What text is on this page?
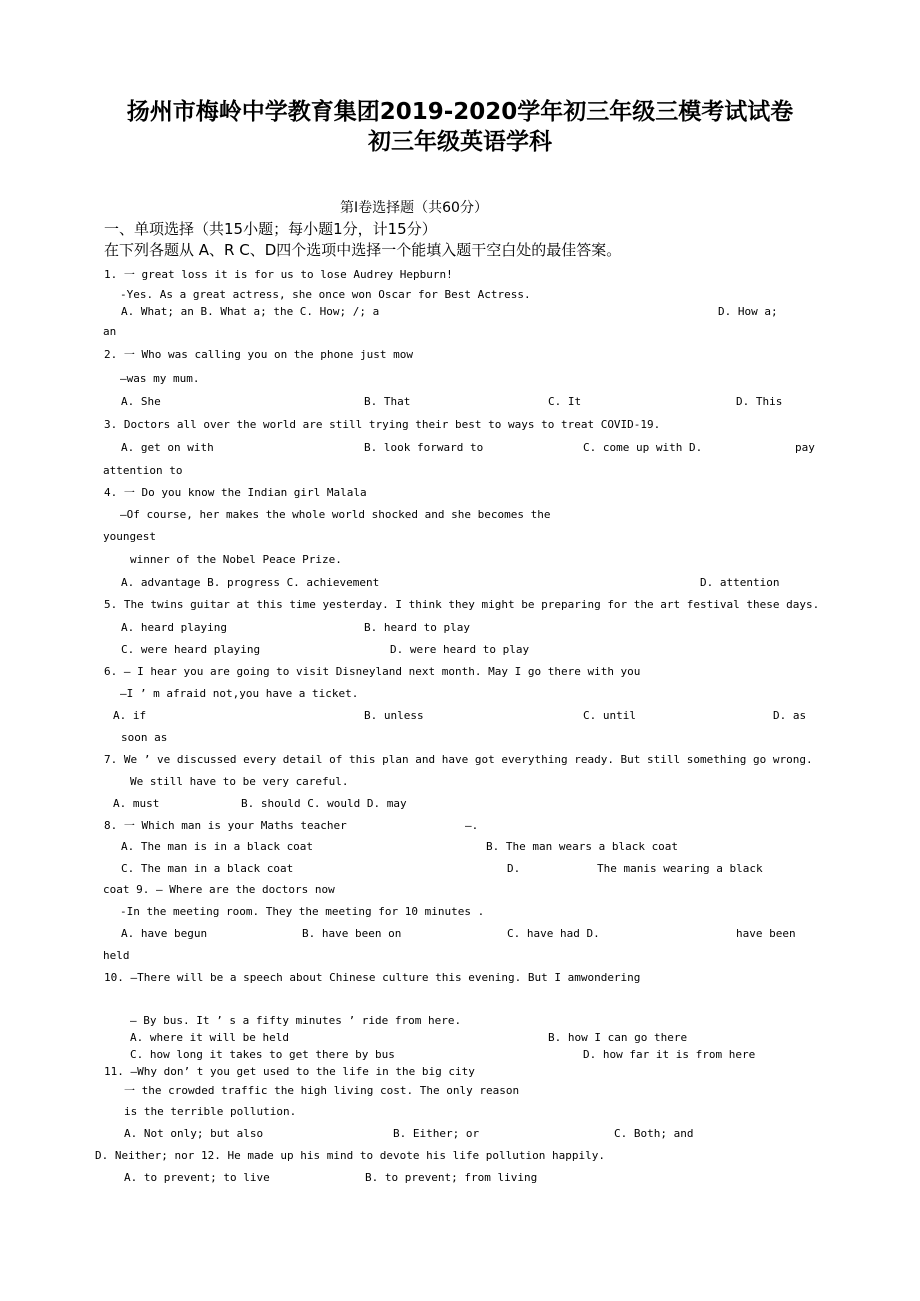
扬州市梅岭中学教育集团2019-2020学年初三年级三模考试试卷
初三年级英语学科
第Ⅰ卷选择题（共60分）
一、单项选择（共15小题；每小题1分，计15分）
在下列各题从 A、R C、D四个选项中选择一个能填入题干空白处的最佳答案。
1. 一 great loss it is for us to lose Audrey Hepburn!
-Yes. As a great actress, she once won Oscar for Best Actress.
A. What; an B. What a; the C. How; /; a	D. How a;
an
2. 一 Who was calling you on the phone just mow
—was my mum.
A. She	B. That	C. It	D. This
3. Doctors all over the world are still trying their best to ways to treat COVID-19.
A. get on with	B. look forward to	C. come up with D.	pay
attention to
4. 一 Do you know the Indian girl Malala
—Of course, her makes the whole world shocked and she becomes the
youngest
winner of the Nobel Peace Prize.
A. advantage B. progress C. achievement	D. attention
5. The twins guitar at this time yesterday. I think they might be preparing for the art festival these days.
A. heard playing	B. heard to play
C. were heard playing	D. were heard to play
6. — I hear you are going to visit Disneyland next month. May I go there with you
—I ’ m afraid not,you have a ticket.
A. if	B. unless	C. until	D. as
soon as
7. We ’ ve discussed every detail of this plan and have got everything ready. But still something go wrong.
We still have to be very careful.
A. must	B. should C. would D. may
8. 一 Which man is your Maths teacher	—.
A. The man is in a black coat	B. The man wears a black coat
C. The man in a black coat	D.	The manis wearing a black
coat 9. — Where are the doctors now
-In the meeting room. They the meeting for 10 minutes .
A. have begun	B. have been on	C. have had D.	have been
held
10. —There will be a speech about Chinese culture this evening. But I amwondering
— By bus. It ’ s a fifty minutes ’ ride from here.
A. where it will be held	B. how I can go there
C. how long it takes to get there by bus	D. how far it is from here
11. —Why don’ t you get used to the life in the big city
一 the crowded traffic the high living cost. The only reason
is the terrible pollution.
A. Not only; but also	B. Either; or	C. Both; and
D. Neither; nor 12. He made up his mind to devote his life pollution happily.
A. to prevent; to live	B. to prevent; from living
